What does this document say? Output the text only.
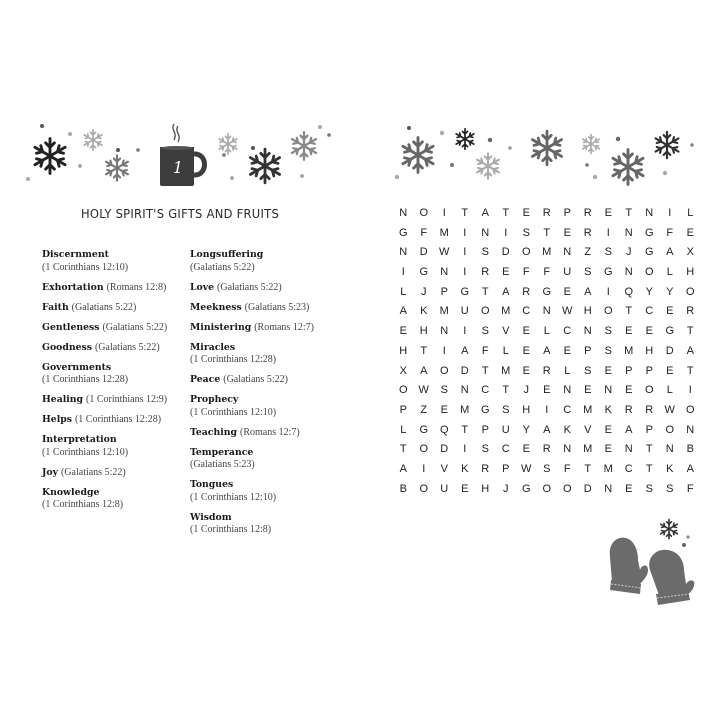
1
HOLY SPIRIT'S GIFTS AND FRUITS
Discernment
(1 Corinthians 12:10)
Exhortation (Romans 12:8)
Faith (Galatians 5:22)
Gentleness (Galatians 5:22)
Goodness (Galatians 5:22)
Governments
(1 Corinthians 12:28)
Healing (1 Corinthians 12:9)
Helps (1 Corinthians 12:28)
Interpretation
(1 Corinthians 12:10)
Joy (Galatians 5:22)
Knowledge
(1 Corinthians 12:8)
Longsuffering
(Galatians 5:22)
Love (Galatians 5:22)
Meekness (Galatians 5:23)
Ministering (Romans 12:7)
Miracles
(1 Corinthians 12:28)
Peace (Galatians 5:22)
Prophecy
(1 Corinthians 12:10)
Teaching (Romans 12:7)
Temperance
(Galatians 5:23)
Tongues
(1 Corinthians 12:10)
Wisdom
(1 Corinthians 12:8)
N	O	I	T	A	T	E	R	P	R	E	T	N	I	L
G	F	M	I	N	I	S	T	E	R	I	N	G	F	E
N	D	W	I	S	D	O	M	N	Z	S	J	G	A	X
I	G	N	I	R	E	F	F	U	S	G	N	O	L	H
L	J	P	G	T	A	R	G	E	A	I	Q	Y	Y	O
A	K	M	U	O	M	C	N	W	H	O	T	C	E	R
E	H	N	I	S	V	E	L	C	N	S	E	E	G	T
H	T	I	A	F	L	E	A	E	P	S	M	H	D	A
X	A	O	D	T	M	E	R	L	S	E	P	P	E	T
O	W	S	N	C	T	J	E	N	E	N	E	O	L	I
P	Z	E	M	G	S	H	I	C	M	K	R	R	W	O
L	G	Q	T	P	U	Y	A	K	V	E	A	P	O	N
T	O	D	I	S	C	E	R	N	M	E	N	T	N	B
A	I	V	K	R	P	W	S	F	T	M	C	T	K	A
B	O	U	E	H	J	G	O	O	D	N	E	S	S	F
